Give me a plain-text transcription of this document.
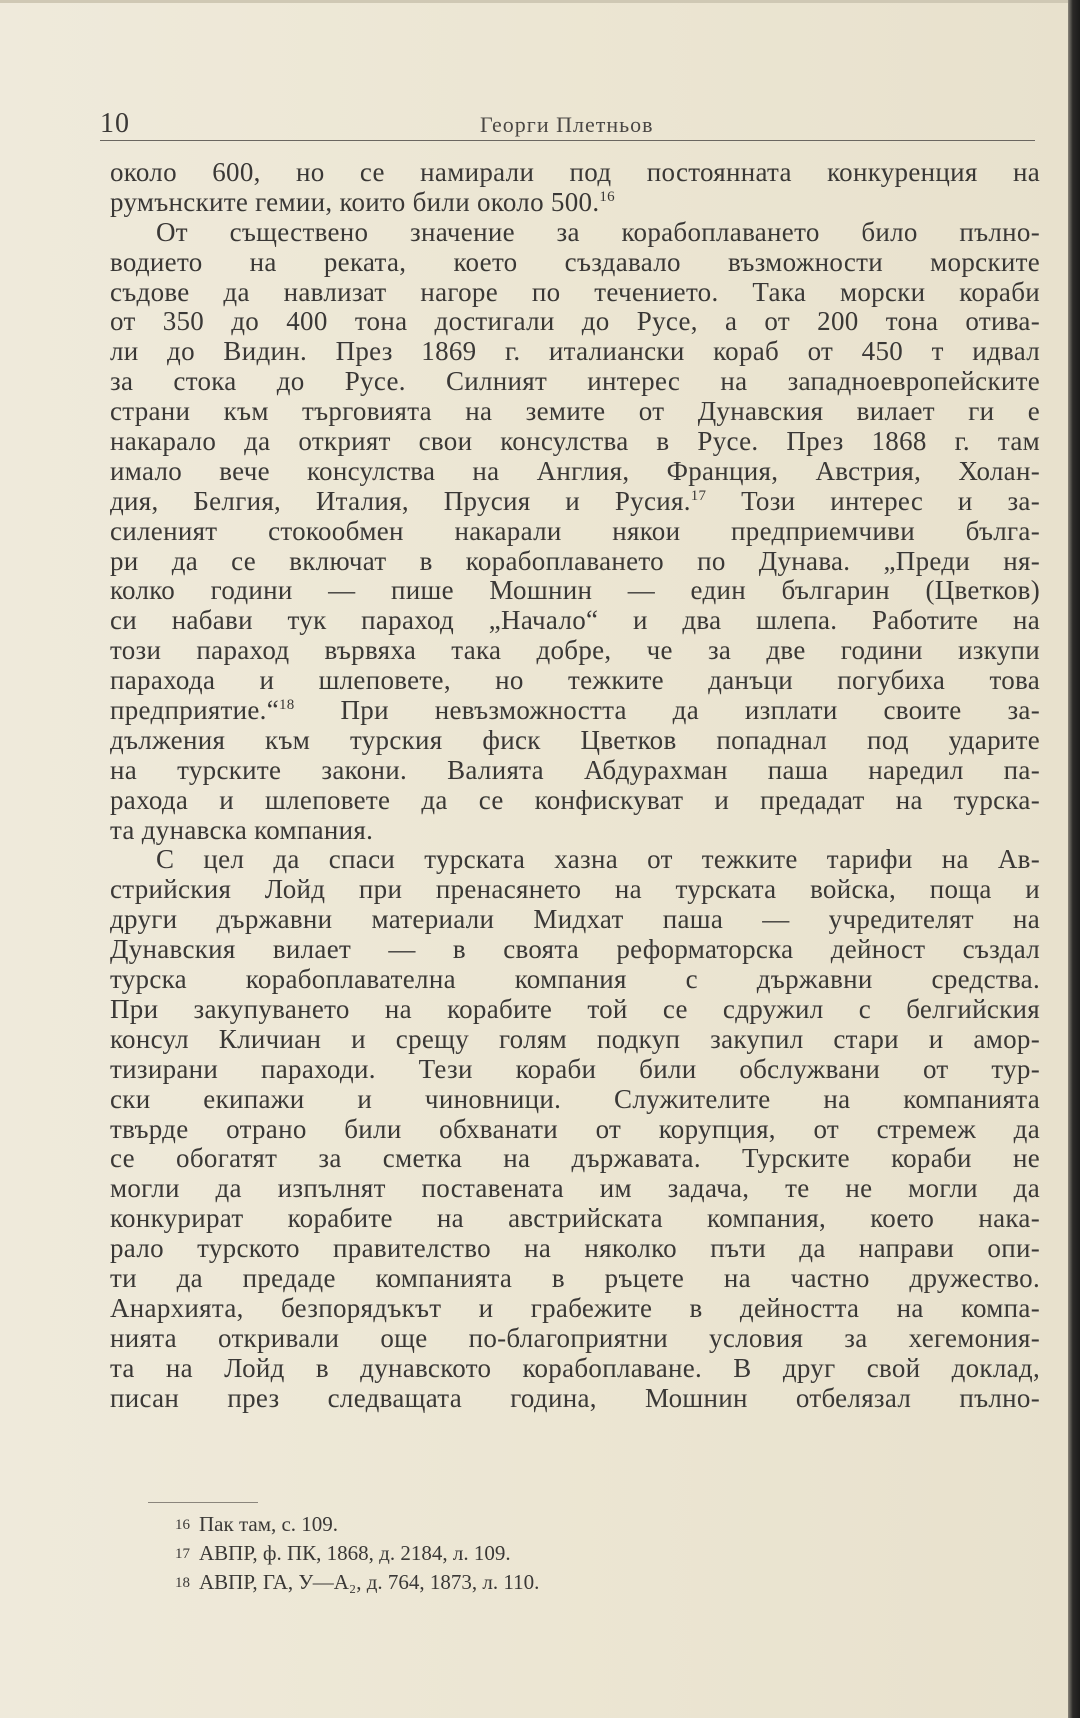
10	Георги Плетньов
около 600, но се намирали под постоянната конкуренция на
румънските гемии, които били около 500.16
От съществено значение за корабоплаването било пълно-
водието на реката, което създавало възможности морските
съдове да навлизат нагоре по течението. Така морски кораби
от 350 до 400 тона достигали до Русе, а от 200 тона отива-
ли до Видин. През 1869 г. италиански кораб от 450 т идвал
за стока до Русе. Силният интерес на западноевропейските
страни към търговията на земите от Дунавския вилает ги е
накарало да открият свои консулства в Русе. През 1868 г. там
имало вече консулства на Англия, Франция, Австрия, Холан-
дия, Белгия, Италия, Прусия и Русия.$^{17}$ Този интерес и за-
силеният стокообмен накарали някои предприемчиви бълга-
ри да се включат в корабоплаването по Дунава. „Преди ня-
колко години — пише Мошнин — един българин (Цветков)
си набави тук параход „Начало“ и два шлепа. Работите на
този параход вървяха така добре, че за две години изкупи
парахода и шлеповете, но тежките данъци погубиха това
предприятие.“$^{18}$ При невъзможността да изплати своите за-
дължения към турския фиск Цветков попаднал под ударите
на турските закони. Валията Абдурахман паша наредил па-
рахода и шлеповете да се конфискуват и предадат на турска-
та дунавска компания.
С цел да спаси турската хазна от тежките тарифи на Ав-
стрийския Лойд при пренасянето на турската войска, поща и
други държавни материали Мидхат паша — учредителят на
Дунавския вилает — в своята реформаторска дейност създал
турска корабоплавателна компания с държавни средства.
При закупуването на корабите той се сдружил с белгийския
консул Кличиан и срещу голям подкуп закупил стари и амор-
тизирани параходи. Тези кораби били обслужвани от тур-
ски екипажи и чиновници. Служителите на компанията
твърде отрано били обхванати от корупция, от стремеж да
се обогатят за сметка на държавата. Турските кораби не
могли да изпълнят поставената им задача, те не могли да
конкурират корабите на австрийската компания, което нака-
рало турското правителство на няколко пъти да направи опи-
ти да предаде компанията в ръцете на частно дружество.
Анархията, безпорядъкът и грабежите в дейността на компа-
нията откривали още по-благоприятни условия за хегемония-
та на Лойд в дунавското корабоплаване. В друг свой доклад,
писан през следващата година, Мошнин отбелязал пълно-
16 Пак там, с. 109.
17 АВПР, ф. ПК, 1868, д. 2184, л. 109.
18 АВПР, ГА, У—А₂, д. 764, 1873, л. 110.
